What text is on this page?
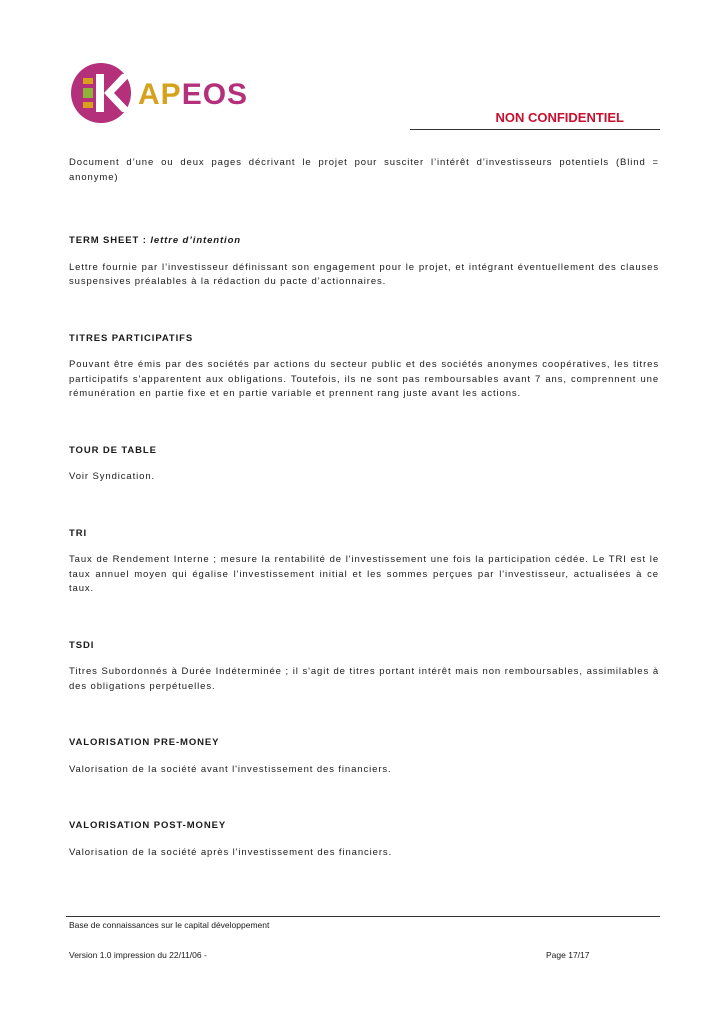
APEOS
NON CONFIDENTIEL

Document d’une ou deux pages décrivant le projet pour susciter l’intérêt d’investisseurs potentiels (Blind = anonyme)

TERM SHEET : lettre d’intention

Lettre fournie par l’investisseur définissant son engagement pour le projet, et intégrant éventuellement des clauses suspensives préalables à la rédaction du pacte d’actionnaires.

TITRES PARTICIPATIFS

Pouvant être émis par des sociétés par actions du secteur public et des sociétés anonymes coopératives, les titres participatifs s'apparentent aux obligations. Toutefois, ils ne sont pas remboursables avant 7 ans, comprennent une rémunération en partie fixe et en partie variable et prennent rang juste avant les actions.

TOUR DE TABLE

Voir Syndication.

TRI

Taux de Rendement Interne ; mesure la rentabilité de l'investissement une fois la participation cédée. Le TRI est le taux annuel moyen qui égalise l'investissement initial et les sommes perçues par l'investisseur, actualisées à ce taux.

TSDI

Titres Subordonnés à Durée Indéterminée ; il s'agit de titres portant intérêt mais non remboursables, assimilables à des obligations perpétuelles.

VALORISATION PRE-MONEY

Valorisation de la société avant l'investissement des financiers.

VALORISATION POST-MONEY

Valorisation de la société après l'investissement des financiers.

Base de connaissances sur le capital développement
Version 1.0 impression du 22/11/06 -	Page 17/17
